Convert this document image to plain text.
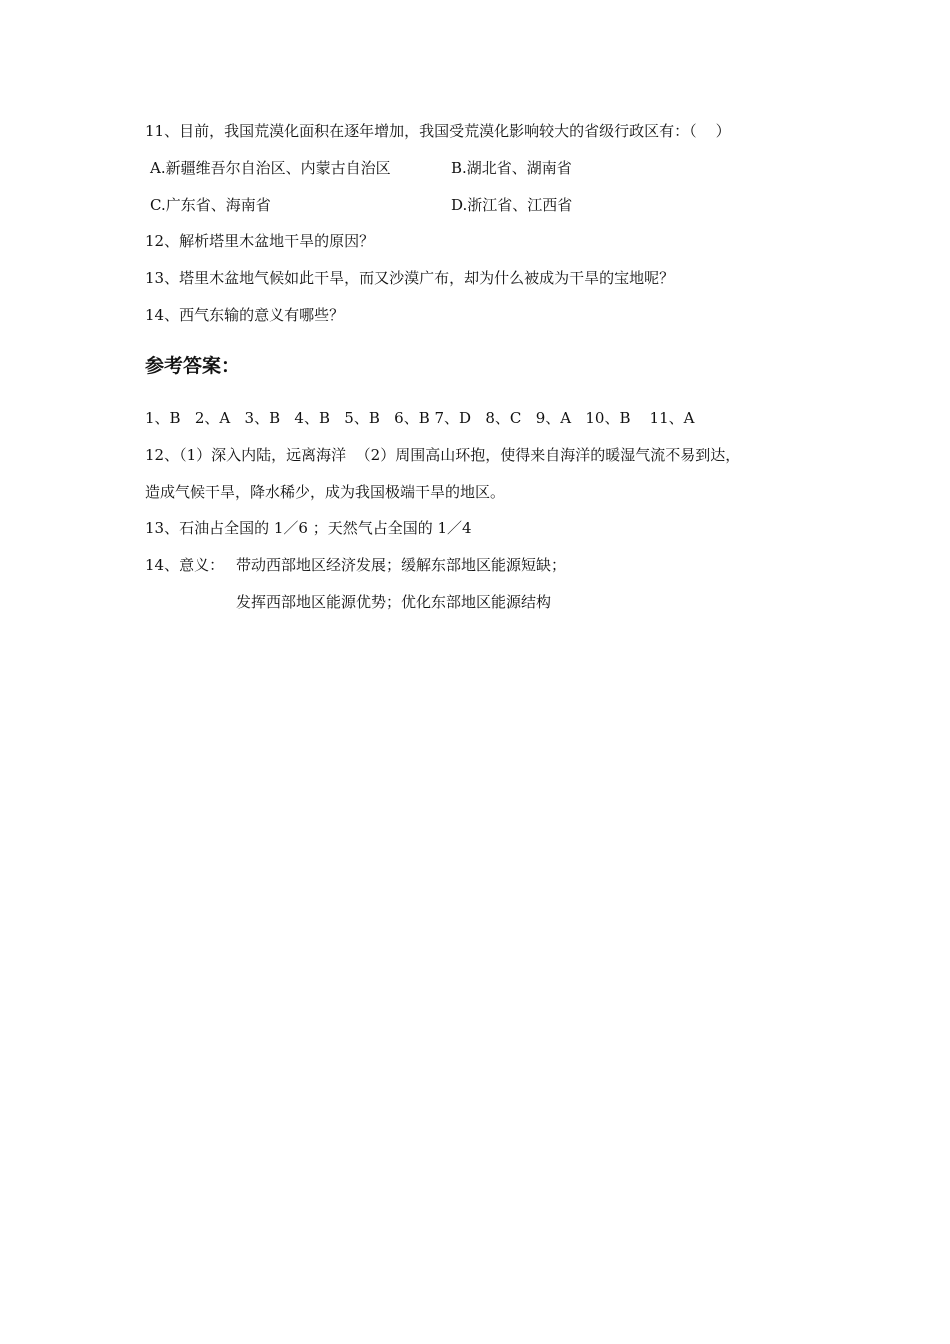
11、目前，我国荒漠化面积在逐年增加，我国受荒漠化影响较大的省级行政区有：（    ）
A.新疆维吾尔自治区、内蒙古自治区	B.湖北省、湖南省
C.广东省、海南省	D.浙江省、江西省
12、解析塔里木盆地干旱的原因？
13、塔里木盆地气候如此干旱，而又沙漠广布，却为什么被成为干旱的宝地呢？
14、西气东输的意义有哪些？
参考答案：
1、B   2、A   3、B   4、B   5、B   6、B 7、D   8、C   9、A   10、B    11、A
12、（1）深入内陆，远离海洋  （2）周围高山环抱，使得来自海洋的暖湿气流不易到达，
造成气候干旱，降水稀少，成为我国极端干旱的地区。
13、石油占全国的 1／6 ；天然气占全国的 1／4
14、意义： 带动西部地区经济发展；缓解东部地区能源短缺；
发挥西部地区能源优势；优化东部地区能源结构
